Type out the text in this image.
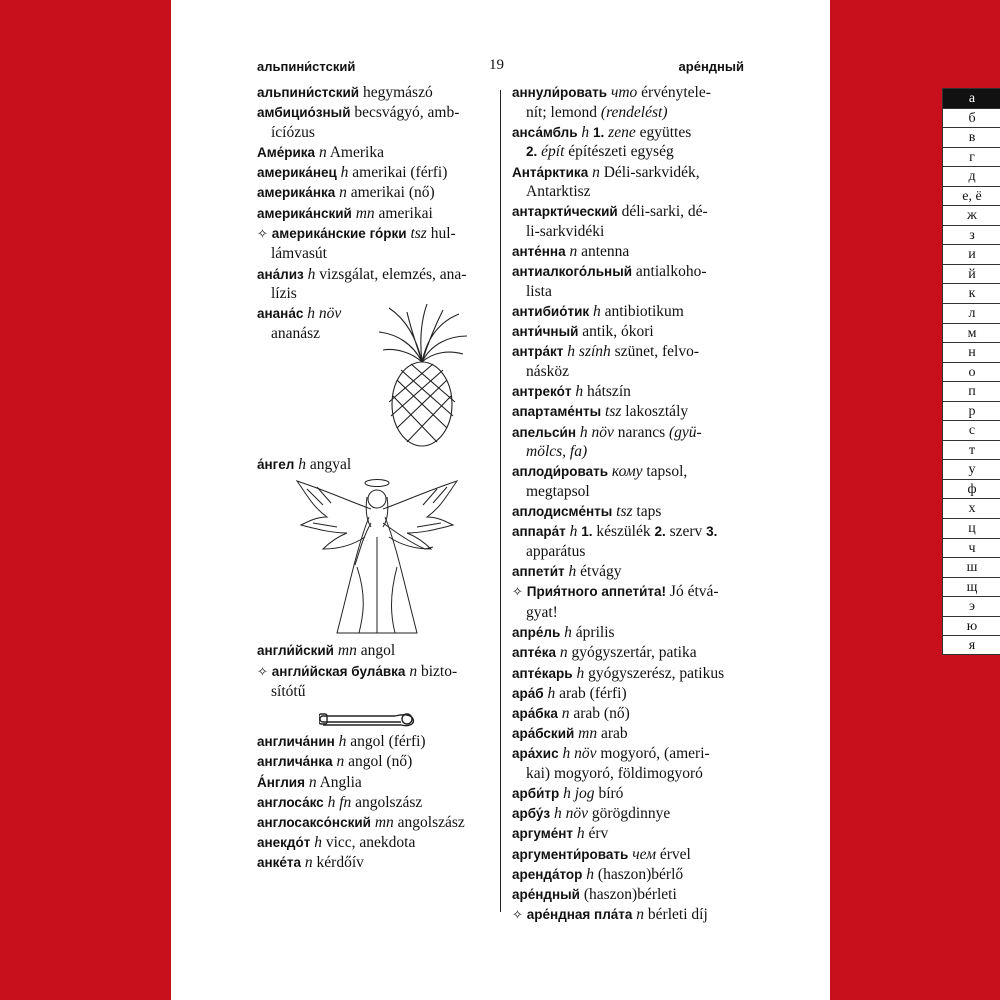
альпини́стский	19	аре́ндный
альпини́стский hegymászó
амбицио́зный becsvágyó, amb-
ícíózus
Аме́рика n Amerika
америка́нец h amerikai (férfi)
америка́нка n amerikai (nő)
америка́нский mn amerikai
✧ америка́нские го́рки tsz hul-
lámvasút
ана́лиз h vizsgálat, elemzés, ana-
lízis
анана́с h növ
ananász
а́нгел h angyal
англи́йский mn angol
✧ англи́йская була́вка n bizto-
sítótű
англича́нин h angol (férfi)
англича́нка n angol (nő)
А́нглия n Anglia
англоса́кс h fn angolszász
англосаксо́нский mn angolszász
анекдо́т h vicc, anekdota
анке́та n kérdőív
аннули́ровать что érvénytele-
nít; lemond (rendelést)
анса́мбль h 1. zene együttes
2. épít építészeti egység
Анта́рктика n Déli-sarkvidék,
Antarktisz
антаркти́ческий déli-sarki, dé-
li-sarkvidéki
анте́нна n antenna
антиалкого́льный antialkoho-
lista
антибио́тик h antibiotikum
анти́чный antik, ókori
антра́кт h szính szünet, felvo-
násköz
антреко́т h hátszín
апартаме́нты tsz lakosztály
апельси́н h növ narancs (gyü-
mölcs, fa)
аплоди́ровать кому tapsol,
megtapsol
аплодисме́нты tsz taps
аппара́т h 1. készülék 2. szerv 3.
apparátus
аппети́т h étvágy
✧ Прия́тного аппети́та! Jó étvá-
gyat!
апре́ль h április
апте́ка n gyógyszertár, patika
апте́карь h gyógyszerész, patikus
ара́б h arab (férfi)
ара́бка n arab (nő)
ара́бский mn arab
ара́хис h növ mogyoró, (ameri-
kai) mogyoró, földimogyoró
арби́тр h jog bíró
арбу́з h növ görögdinnye
аргуме́нт h érv
аргументи́ровать чем érvel
аренда́тор h (haszon)bérlő
аре́ндный (haszon)bérleti
✧ аре́ндная пла́та n bérleti díj
а
б
в
г
д
е, ё
ж
з
и
й
к
л
м
н
о
п
р
с
т
у
ф
х
ц
ч
ш
щ
э
ю
я
